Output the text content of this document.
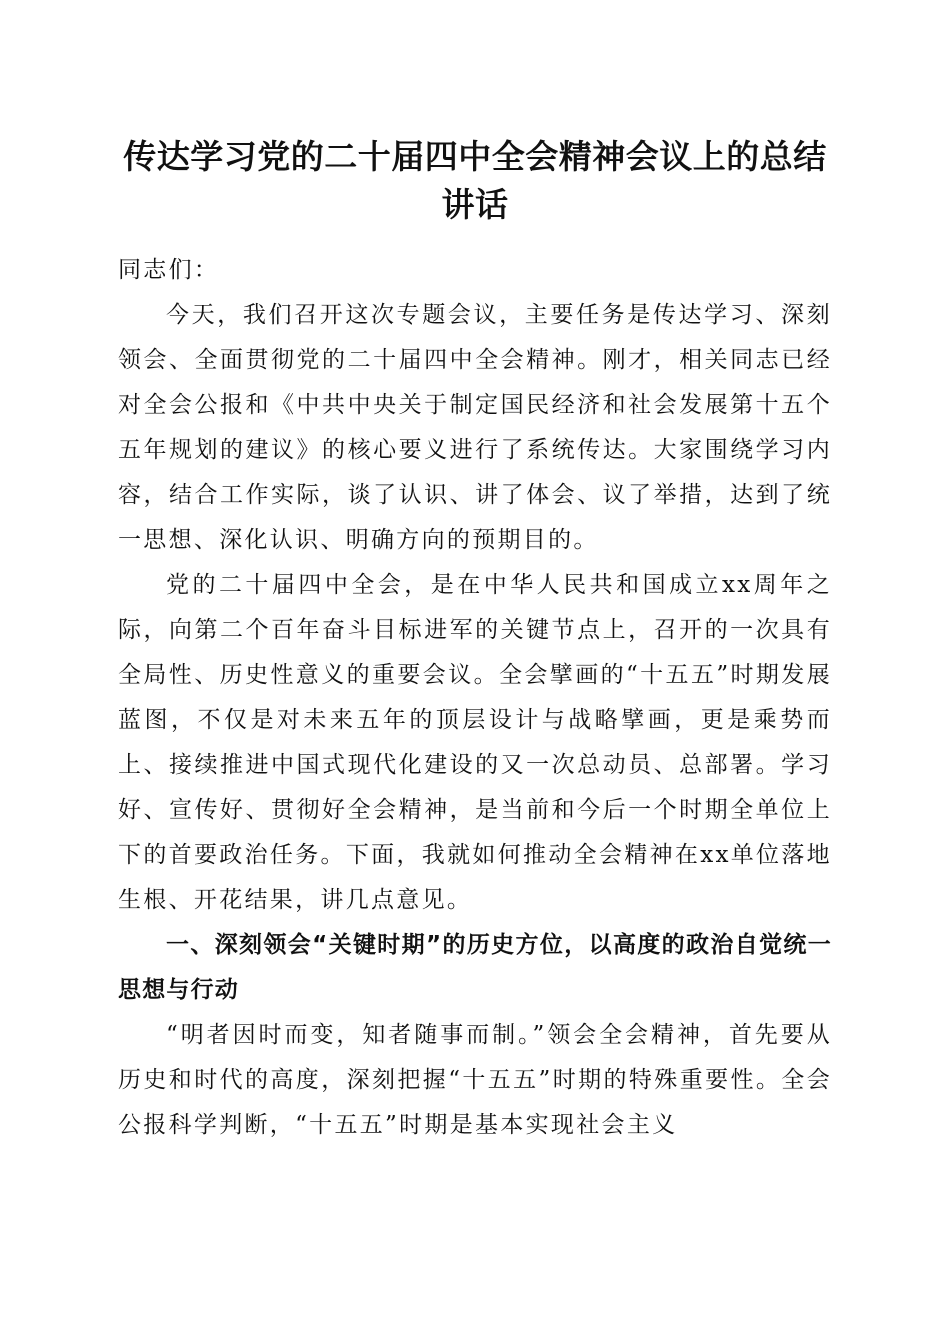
传达学习党的二十届四中全会精神会议上的总结讲话

同志们：

今天，我们召开这次专题会议，主要任务是传达学习、深刻领会、全面贯彻党的二十届四中全会精神。刚才，相关同志已经对全会公报和《中共中央关于制定国民经济和社会发展第十五个五年规划的建议》的核心要义进行了系统传达。大家围绕学习内容，结合工作实际，谈了认识、讲了体会、议了举措，达到了统一思想、深化认识、明确方向的预期目的。

党的二十届四中全会，是在中华人民共和国成立xx周年之际，向第二个百年奋斗目标进军的关键节点上，召开的一次具有全局性、历史性意义的重要会议。全会擘画的“十五五”时期发展蓝图，不仅是对未来五年的顶层设计与战略擘画，更是乘势而上、接续推进中国式现代化建设的又一次总动员、总部署。学习好、宣传好、贯彻好全会精神，是当前和今后一个时期全单位上下的首要政治任务。下面，我就如何推动全会精神在xx单位落地生根、开花结果，讲几点意见。

一、深刻领会“关键时期”的历史方位，以高度的政治自觉统一思想与行动

“明者因时而变，知者随事而制。”领会全会精神，首先要从历史和时代的高度，深刻把握“十五五”时期的特殊重要性。全会公报科学判断，“十五五”时期是基本实现社会主义
